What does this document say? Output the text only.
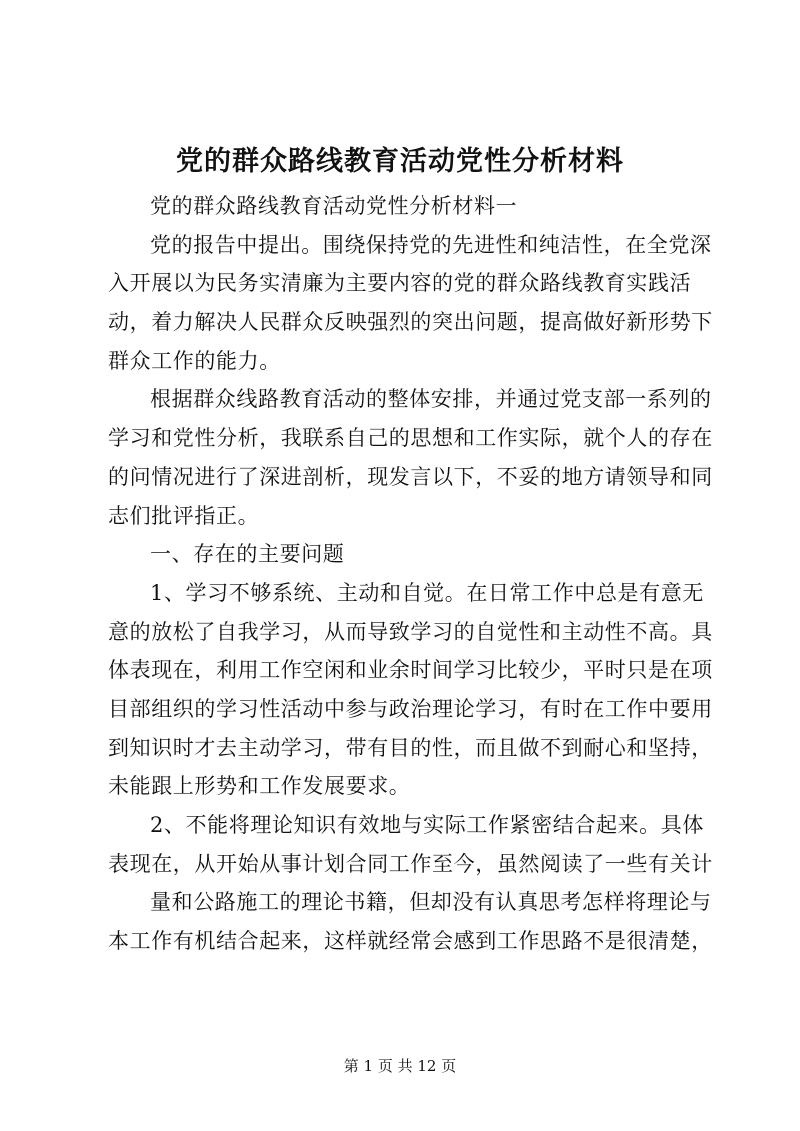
党的群众路线教育活动党性分析材料
党的群众路线教育活动党性分析材料一
党的报告中提出。围绕保持党的先进性和纯洁性，在全党深
入开展以为民务实清廉为主要内容的党的群众路线教育实践活
动，着力解决人民群众反映强烈的突出问题，提高做好新形势下
群众工作的能力。
根据群众线路教育活动的整体安排，并通过党支部一系列的
学习和党性分析，我联系自己的思想和工作实际，就个人的存在
的问情况进行了深进剖析，现发言以下，不妥的地方请领导和同
志们批评指正。
一、存在的主要问题
1、学习不够系统、主动和自觉。在日常工作中总是有意无
意的放松了自我学习，从而导致学习的自觉性和主动性不高。具
体表现在，利用工作空闲和业余时间学习比较少，平时只是在项
目部组织的学习性活动中参与政治理论学习，有时在工作中要用
到知识时才去主动学习，带有目的性，而且做不到耐心和坚持，
未能跟上形势和工作发展要求。
2、不能将理论知识有效地与实际工作紧密结合起来。具体
表现在，从开始从事计划合同工作至今，虽然阅读了一些有关计
量和公路施工的理论书籍，但却没有认真思考怎样将理论与
本工作有机结合起来，这样就经常会感到工作思路不是很清楚，
第 1 页 共 12 页
